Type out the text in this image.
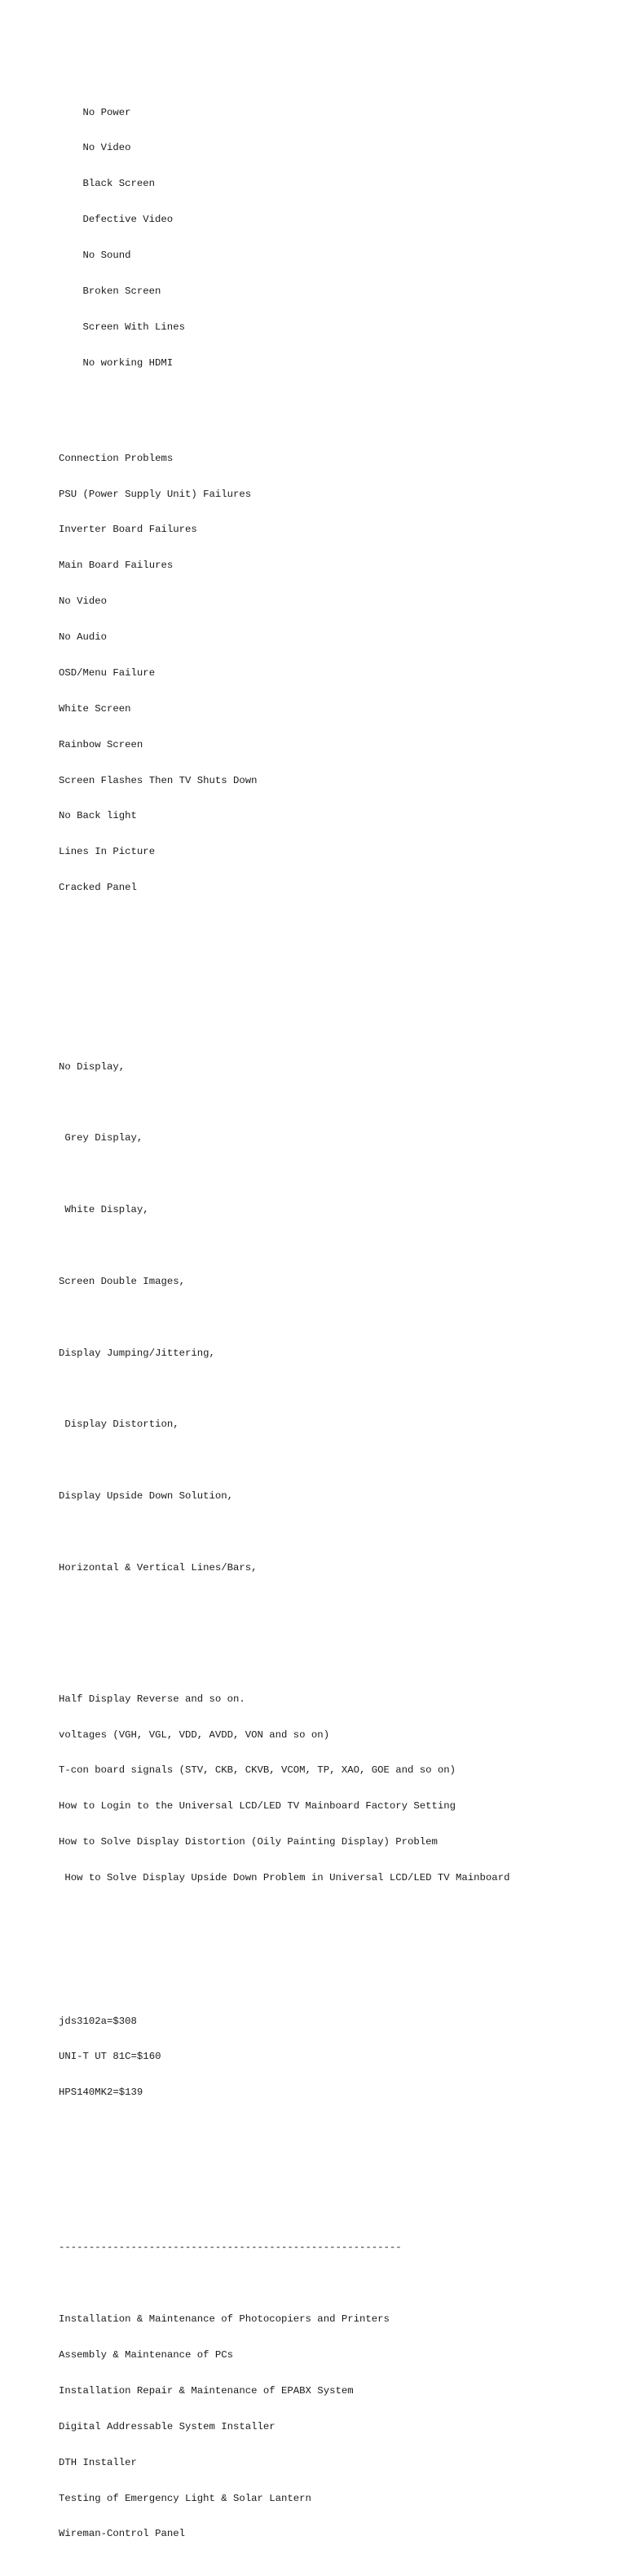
No Power

No Video

Black Screen

Defective Video

No Sound

Broken Screen

Screen With Lines

No working HDMI

Connection Problems

PSU (Power Supply Unit) Failures

Inverter Board Failures

Main Board Failures

No Video

No Audio

OSD/Menu Failure

White Screen

Rainbow Screen

Screen Flashes Then TV Shuts Down

No Back light

Lines In Picture

Cracked Panel

No Display,

Grey Display,

White Display,

Screen Double Images,

Display Jumping/Jittering,

Display Distortion,

Display Upside Down Solution,

Horizontal & Vertical Lines/Bars,

Half Display Reverse and so on.

voltages (VGH, VGL, VDD, AVDD, VON and so on)

T-con board signals (STV, CKB, CKVB, VCOM, TP, XAO, GOE and so on)

How to Login to the Universal LCD/LED TV Mainboard Factory Setting

How to Solve Display Distortion (Oily Painting Display) Problem

How to Solve Display Upside Down Problem in Universal LCD/LED TV Mainboard

jds3102a=$308

UNI-T UT 81C=$160

HPS140MK2=$139

---------------------------------------------------------

Installation & Maintenance of Photocopiers and Printers

Assembly & Maintenance of PCs

Installation Repair & Maintenance of EPABX System

Digital Addressable System Installer

DTH Installer

Testing of Emergency Light & Solar Lantern

Wireman-Control Panel
